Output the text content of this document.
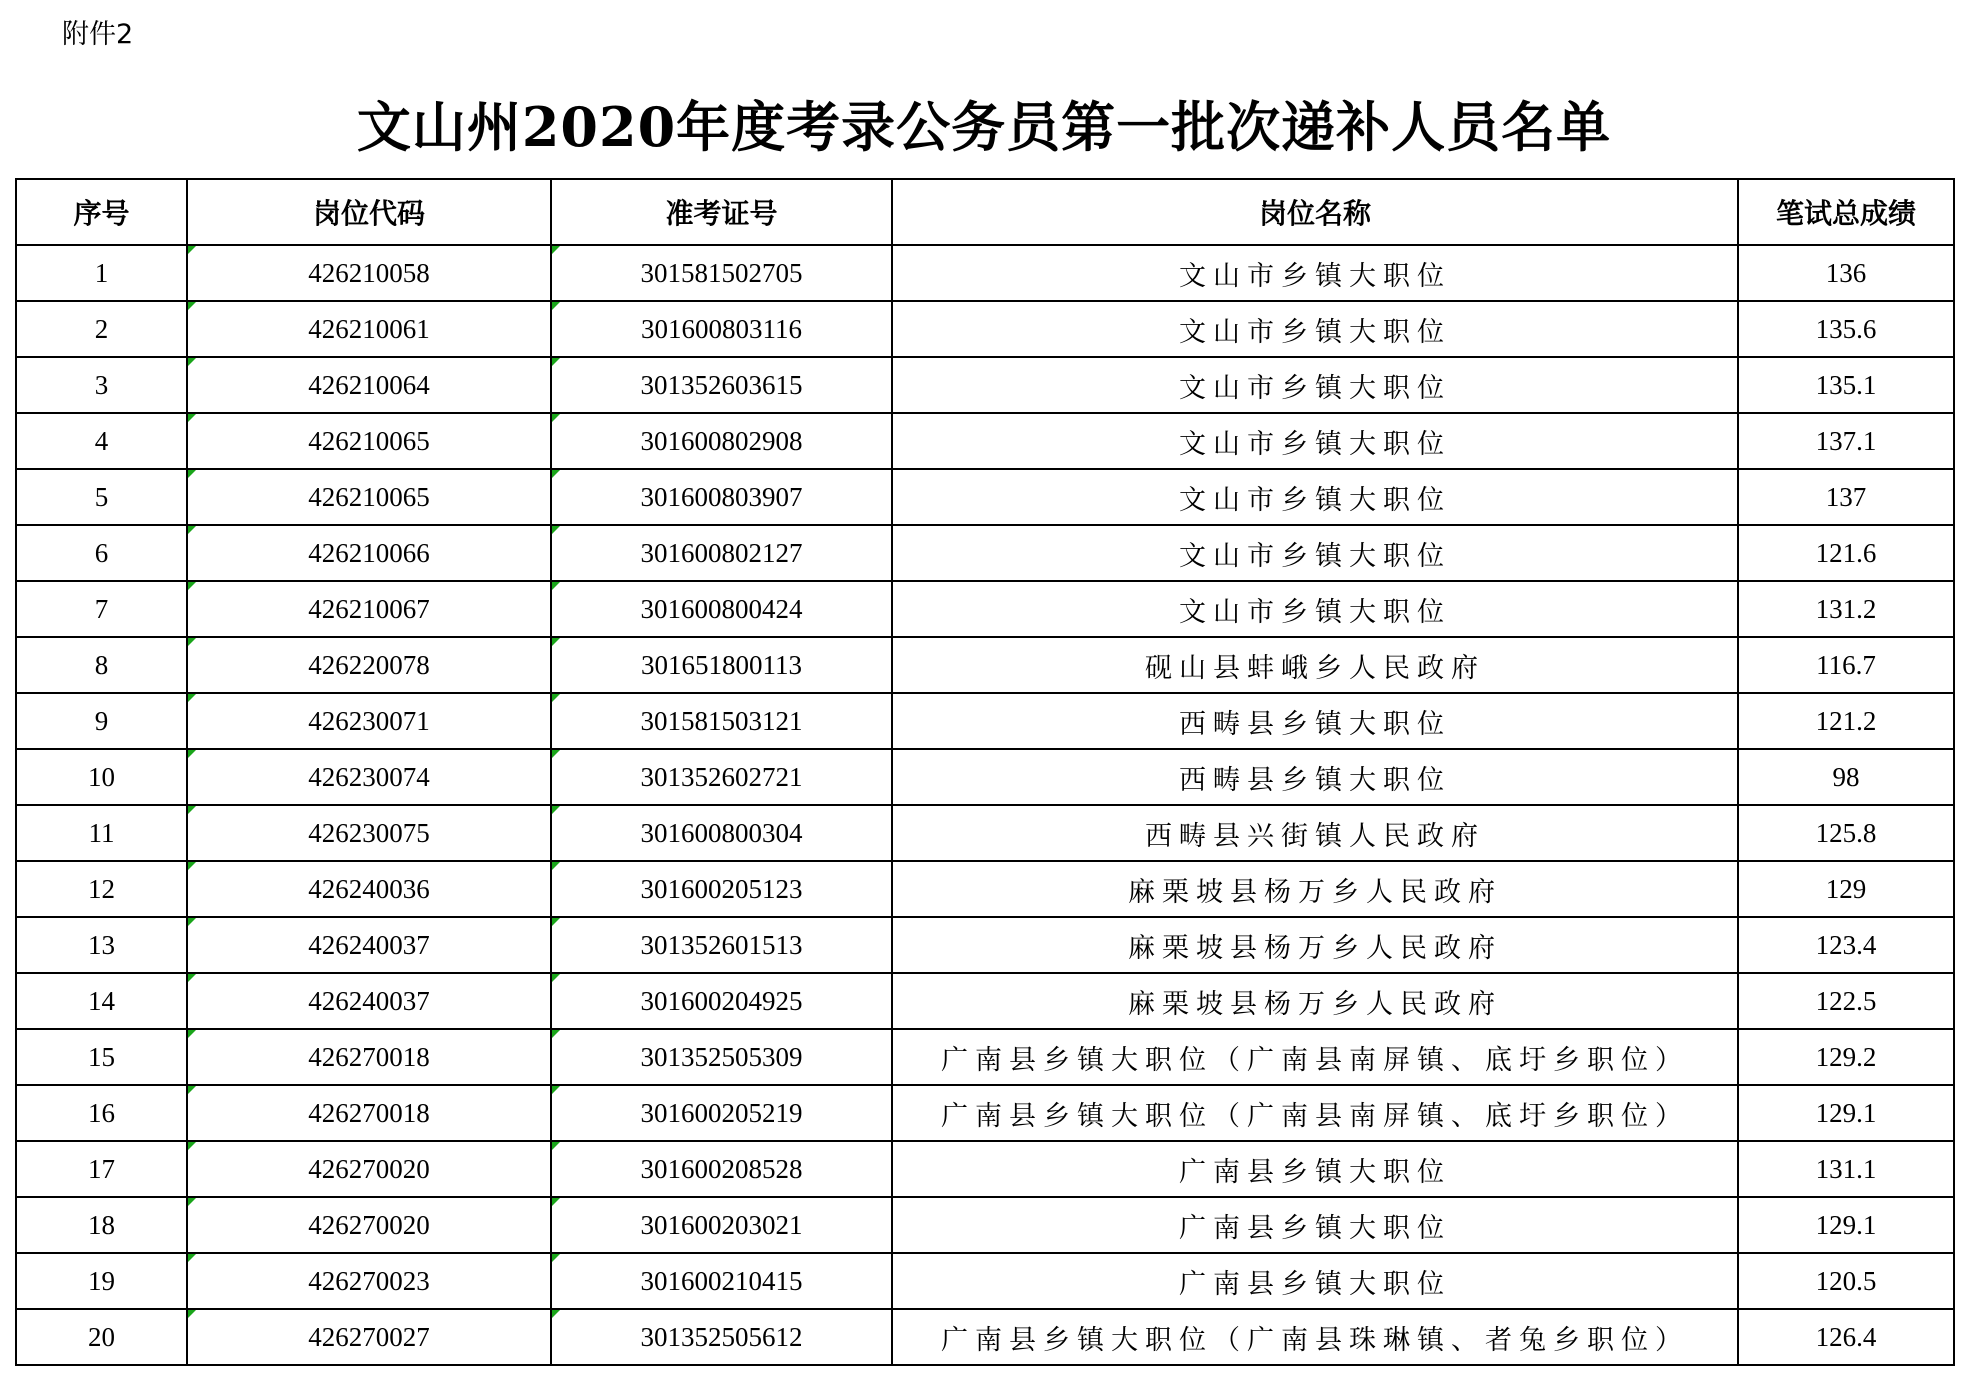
附件2
文山州2020年度考录公务员第一批次递补人员名单
序号	岗位代码	准考证号	岗位名称	笔试总成绩
1	426210058	301581502705	文山市乡镇大职位	136
2	426210061	301600803116	文山市乡镇大职位	135.6
3	426210064	301352603615	文山市乡镇大职位	135.1
4	426210065	301600802908	文山市乡镇大职位	137.1
5	426210065	301600803907	文山市乡镇大职位	137
6	426210066	301600802127	文山市乡镇大职位	121.6
7	426210067	301600800424	文山市乡镇大职位	131.2
8	426220078	301651800113	砚山县蚌峨乡人民政府	116.7
9	426230071	301581503121	西畴县乡镇大职位	121.2
10	426230074	301352602721	西畴县乡镇大职位	98
11	426230075	301600800304	西畴县兴街镇人民政府	125.8
12	426240036	301600205123	麻栗坡县杨万乡人民政府	129
13	426240037	301352601513	麻栗坡县杨万乡人民政府	123.4
14	426240037	301600204925	麻栗坡县杨万乡人民政府	122.5
15	426270018	301352505309	广南县乡镇大职位（广南县南屏镇、底圩乡职位）	129.2
16	426270018	301600205219	广南县乡镇大职位（广南县南屏镇、底圩乡职位）	129.1
17	426270020	301600208528	广南县乡镇大职位	131.1
18	426270020	301600203021	广南县乡镇大职位	129.1
19	426270023	301600210415	广南县乡镇大职位	120.5
20	426270027	301352505612	广南县乡镇大职位（广南县珠琳镇、者兔乡职位）	126.4
